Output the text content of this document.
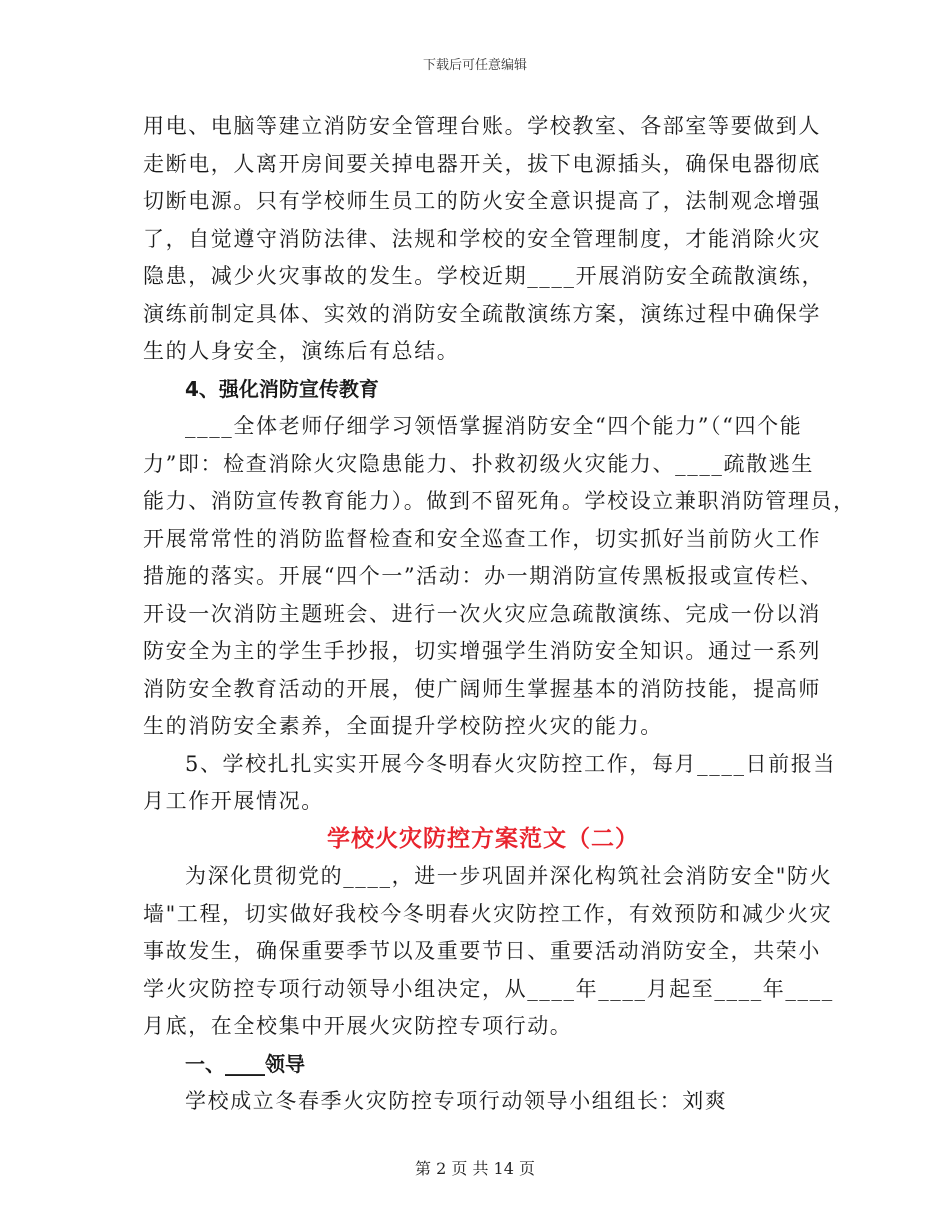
下载后可任意编辑
用电、电脑等建立消防安全管理台账。学校教室、各部室等要做到人
走断电，人离开房间要关掉电器开关，拔下电源插头，确保电器彻底
切断电源。只有学校师生员工的防火安全意识提高了，法制观念增强
了，自觉遵守消防法律、法规和学校的安全管理制度，才能消除火灾
隐患，减少火灾事故的发生。学校近期____开展消防安全疏散演练，
演练前制定具体、实效的消防安全疏散演练方案，演练过程中确保学
生的人身安全，演练后有总结。
4、强化消防宣传教育
____全体老师仔细学习领悟掌握消防安全“四个能力”（“四个能
力”即：检查消除火灾隐患能力、扑救初级火灾能力、____疏散逃生
能力、消防宣传教育能力）。做到不留死角。学校设立兼职消防管理员，
开展常常性的消防监督检查和安全巡查工作，切实抓好当前防火工作
措施的落实。开展“四个一”活动：办一期消防宣传黑板报或宣传栏、
开设一次消防主题班会、进行一次火灾应急疏散演练、完成一份以消
防安全为主的学生手抄报，切实增强学生消防安全知识。通过一系列
消防安全教育活动的开展，使广阔师生掌握基本的消防技能，提高师
生的消防安全素养，全面提升学校防控火灾的能力。
5、学校扎扎实实开展今冬明春火灾防控工作，每月____日前报当
月工作开展情况。
学校火灾防控方案范文（二）
为深化贯彻党的____，进一步巩固并深化构筑社会消防安全"防火
墙"工程，切实做好我校今冬明春火灾防控工作，有效预防和减少火灾
事故发生，确保重要季节以及重要节日、重要活动消防安全，共荣小
学火灾防控专项行动领导小组决定，从____年____月起至____年____
月底，在全校集中开展火灾防控专项行动。
一、____领导
学校成立冬春季火灾防控专项行动领导小组组长：刘爽
第 2 页 共 14 页
